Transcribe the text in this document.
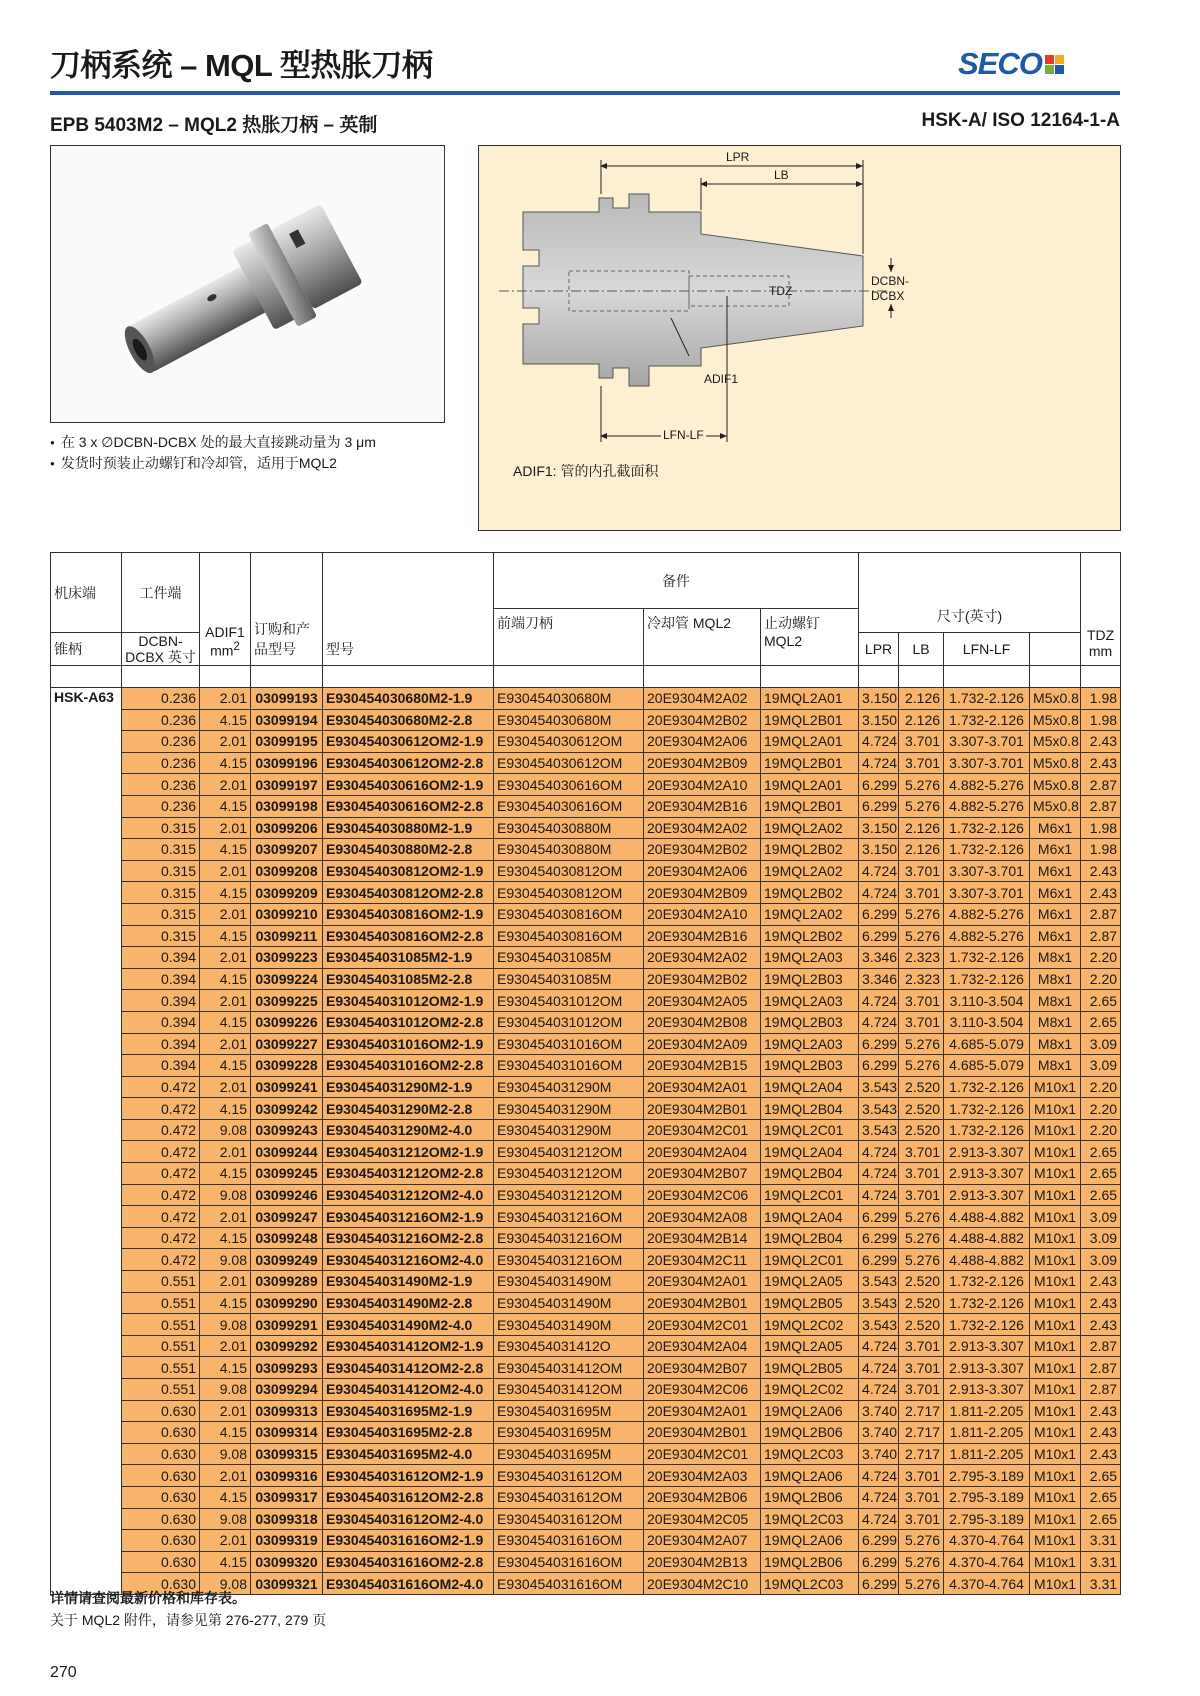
刀柄系统 – MQL 型热胀刀柄	SECO
EPB 5403M2 – MQL2 热胀刀柄 – 英制	HSK-A/ ISO 12164-1-A
● 在 3 x ∅DCBN-DCBX 处的最大直接跳动量为 3 μm
● 发货时预装止动螺钉和冷却管，适用于MQL2
LPR
LB
LFN-LF
DCBN-
DCBX
TDZ
ADIF1
ADIF1: 管的内孔截面积
机床端	工件端	ADIF1
$mm^2$	订购和产品型号	型号	备件			尺寸(英寸)				TDZ
mm	

					前端刀柄	冷却管 MQL2	止动螺钉 MQL2						
锥柄	DCBN-
DCBX 英寸							LPR	LB	LFN-LF			

HSK-A63	0.236	2.01	03099193	E930454030680M2-1.9	E930454030680M	20E9304M2A02	19MQL2A01	3.150	2.126	1.732-2.126	M5x0.8	1.98	
	0.236	4.15	03099194	E930454030680M2-2.8	E930454030680M	20E9304M2B02	19MQL2B01	3.150	2.126	1.732-2.126	M5x0.8	1.98	
	0.236	2.01	03099195	E930454030612OM2-1.9	E930454030612OM	20E9304M2A06	19MQL2A01	4.724	3.701	3.307-3.701	M5x0.8	2.43	
	0.236	4.15	03099196	E930454030612OM2-2.8	E930454030612OM	20E9304M2B09	19MQL2B01	4.724	3.701	3.307-3.701	M5x0.8	2.43	
	0.236	2.01	03099197	E930454030616OM2-1.9	E930454030616OM	20E9304M2A10	19MQL2A01	6.299	5.276	4.882-5.276	M5x0.8	2.87	
	0.236	4.15	03099198	E930454030616OM2-2.8	E930454030616OM	20E9304M2B16	19MQL2B01	6.299	5.276	4.882-5.276	M5x0.8	2.87	
	0.315	2.01	03099206	E930454030880M2-1.9	E930454030880M	20E9304M2A02	19MQL2A02	3.150	2.126	1.732-2.126	M6x1	1.98	
	0.315	4.15	03099207	E930454030880M2-2.8	E930454030880M	20E9304M2B02	19MQL2B02	3.150	2.126	1.732-2.126	M6x1	1.98	
	0.315	2.01	03099208	E930454030812OM2-1.9	E930454030812OM	20E9304M2A06	19MQL2A02	4.724	3.701	3.307-3.701	M6x1	2.43	
	0.315	4.15	03099209	E930454030812OM2-2.8	E930454030812OM	20E9304M2B09	19MQL2B02	4.724	3.701	3.307-3.701	M6x1	2.43	
	0.315	2.01	03099210	E930454030816OM2-1.9	E930454030816OM	20E9304M2A10	19MQL2A02	6.299	5.276	4.882-5.276	M6x1	2.87	
	0.315	4.15	03099211	E930454030816OM2-2.8	E930454030816OM	20E9304M2B16	19MQL2B02	6.299	5.276	4.882-5.276	M6x1	2.87	
	0.394	2.01	03099223	E930454031085M2-1.9	E930454031085M	20E9304M2A02	19MQL2A03	3.346	2.323	1.732-2.126	M8x1	2.20	
	0.394	4.15	03099224	E930454031085M2-2.8	E930454031085M	20E9304M2B02	19MQL2B03	3.346	2.323	1.732-2.126	M8x1	2.20	
	0.394	2.01	03099225	E930454031012OM2-1.9	E930454031012OM	20E9304M2A05	19MQL2A03	4.724	3.701	3.110-3.504	M8x1	2.65	
	0.394	4.15	03099226	E930454031012OM2-2.8	E930454031012OM	20E9304M2B08	19MQL2B03	4.724	3.701	3.110-3.504	M8x1	2.65	
	0.394	2.01	03099227	E930454031016OM2-1.9	E930454031016OM	20E9304M2A09	19MQL2A03	6.299	5.276	4.685-5.079	M8x1	3.09	
	0.394	4.15	03099228	E930454031016OM2-2.8	E930454031016OM	20E9304M2B15	19MQL2B03	6.299	5.276	4.685-5.079	M8x1	3.09	
	0.472	2.01	03099241	E930454031290M2-1.9	E930454031290M	20E9304M2A01	19MQL2A04	3.543	2.520	1.732-2.126	M10x1	2.20	
	0.472	4.15	03099242	E930454031290M2-2.8	E930454031290M	20E9304M2B01	19MQL2B04	3.543	2.520	1.732-2.126	M10x1	2.20	
	0.472	9.08	03099243	E930454031290M2-4.0	E930454031290M	20E9304M2C01	19MQL2C01	3.543	2.520	1.732-2.126	M10x1	2.20	
	0.472	2.01	03099244	E930454031212OM2-1.9	E930454031212OM	20E9304M2A04	19MQL2A04	4.724	3.701	2.913-3.307	M10x1	2.65	
	0.472	4.15	03099245	E930454031212OM2-2.8	E930454031212OM	20E9304M2B07	19MQL2B04	4.724	3.701	2.913-3.307	M10x1	2.65	
	0.472	9.08	03099246	E930454031212OM2-4.0	E930454031212OM	20E9304M2C06	19MQL2C01	4.724	3.701	2.913-3.307	M10x1	2.65	
	0.472	2.01	03099247	E930454031216OM2-1.9	E930454031216OM	20E9304M2A08	19MQL2A04	6.299	5.276	4.488-4.882	M10x1	3.09	
	0.472	4.15	03099248	E930454031216OM2-2.8	E930454031216OM	20E9304M2B14	19MQL2B04	6.299	5.276	4.488-4.882	M10x1	3.09	
	0.472	9.08	03099249	E930454031216OM2-4.0	E930454031216OM	20E9304M2C11	19MQL2C01	6.299	5.276	4.488-4.882	M10x1	3.09	
	0.551	2.01	03099289	E930454031490M2-1.9	E930454031490M	20E9304M2A01	19MQL2A05	3.543	2.520	1.732-2.126	M10x1	2.43	
	0.551	4.15	03099290	E930454031490M2-2.8	E930454031490M	20E9304M2B01	19MQL2B05	3.543	2.520	1.732-2.126	M10x1	2.43	
	0.551	9.08	03099291	E930454031490M2-4.0	E930454031490M	20E9304M2C01	19MQL2C02	3.543	2.520	1.732-2.126	M10x1	2.43	
	0.551	2.01	03099292	E930454031412OM2-1.9	E930454031412O	20E9304M2A04	19MQL2A05	4.724	3.701	2.913-3.307	M10x1	2.87	
	0.551	4.15	03099293	E930454031412OM2-2.8	E930454031412OM	20E9304M2B07	19MQL2B05	4.724	3.701	2.913-3.307	M10x1	2.87	
	0.551	9.08	03099294	E930454031412OM2-4.0	E930454031412OM	20E9304M2C06	19MQL2C02	4.724	3.701	2.913-3.307	M10x1	2.87	
	0.630	2.01	03099313	E930454031695M2-1.9	E930454031695M	20E9304M2A01	19MQL2A06	3.740	2.717	1.811-2.205	M10x1	2.43	
	0.630	4.15	03099314	E930454031695M2-2.8	E930454031695M	20E9304M2B01	19MQL2B06	3.740	2.717	1.811-2.205	M10x1	2.43	
	0.630	9.08	03099315	E930454031695M2-4.0	E930454031695M	20E9304M2C01	19MQL2C03	3.740	2.717	1.811-2.205	M10x1	2.43	
	0.630	2.01	03099316	E930454031612OM2-1.9	E930454031612OM	20E9304M2A03	19MQL2A06	4.724	3.701	2.795-3.189	M10x1	2.65	
	0.630	4.15	03099317	E930454031612OM2-2.8	E930454031612OM	20E9304M2B06	19MQL2B06	4.724	3.701	2.795-3.189	M10x1	2.65	
	0.630	9.08	03099318	E930454031612OM2-4.0	E930454031612OM	20E9304M2C05	19MQL2C03	4.724	3.701	2.795-3.189	M10x1	2.65	
	0.630	2.01	03099319	E930454031616OM2-1.9	E930454031616OM	20E9304M2A07	19MQL2A06	6.299	5.276	4.370-4.764	M10x1	3.31	
	0.630	4.15	03099320	E930454031616OM2-2.8	E930454031616OM	20E9304M2B13	19MQL2B06	6.299	5.276	4.370-4.764	M10x1	3.31	
	0.630	9.08	03099321	E930454031616OM2-4.0	E930454031616OM	20E9304M2C10	19MQL2C03	6.299	5.276	4.370-4.764	M10x1	3.31	
详情请查阅最新价格和库存表。
关于 MQL2 附件，请参见第 276-277, 279 页
270
